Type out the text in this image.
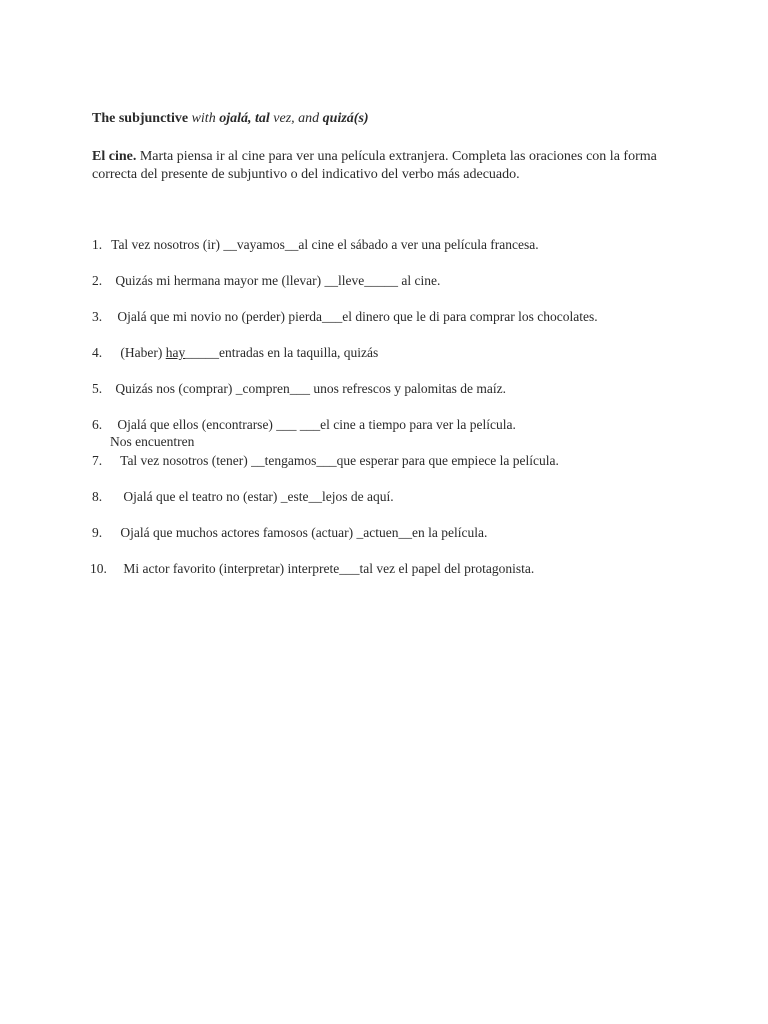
The subjunctive with ojalá, tal vez, and quizá(s)
El cine. Marta piensa ir al cine para ver una película extranjera. Completa las oraciones con la forma correcta del presente de subjuntivo o del indicativo del verbo más adecuado.
1. Tal vez nosotros (ir) __vayamos__al cine el sábado a ver una película francesa.
2. Quizás mi hermana mayor me (llevar) __lleve_____ al cine.
3. Ojalá que mi novio no (perder) pierda___el dinero que le di para comprar los chocolates.
4. (Haber) hay_____entradas en la taquilla, quizás
5. Quizás nos (comprar) _compren___ unos refrescos y palomitas de maíz.
6. Ojalá que ellos (encontrarse) ___ ___el cine a tiempo para ver la película.
Nos encuentren
7. Tal vez nosotros (tener) __tengamos___que esperar para que empiece la película.
8. Ojalá que el teatro no (estar) _este__lejos de aquí.
9. Ojalá que muchos actores famosos (actuar) _actuen__en la película.
10. Mi actor favorito (interpretar) interprete___tal vez el papel del protagonista.
